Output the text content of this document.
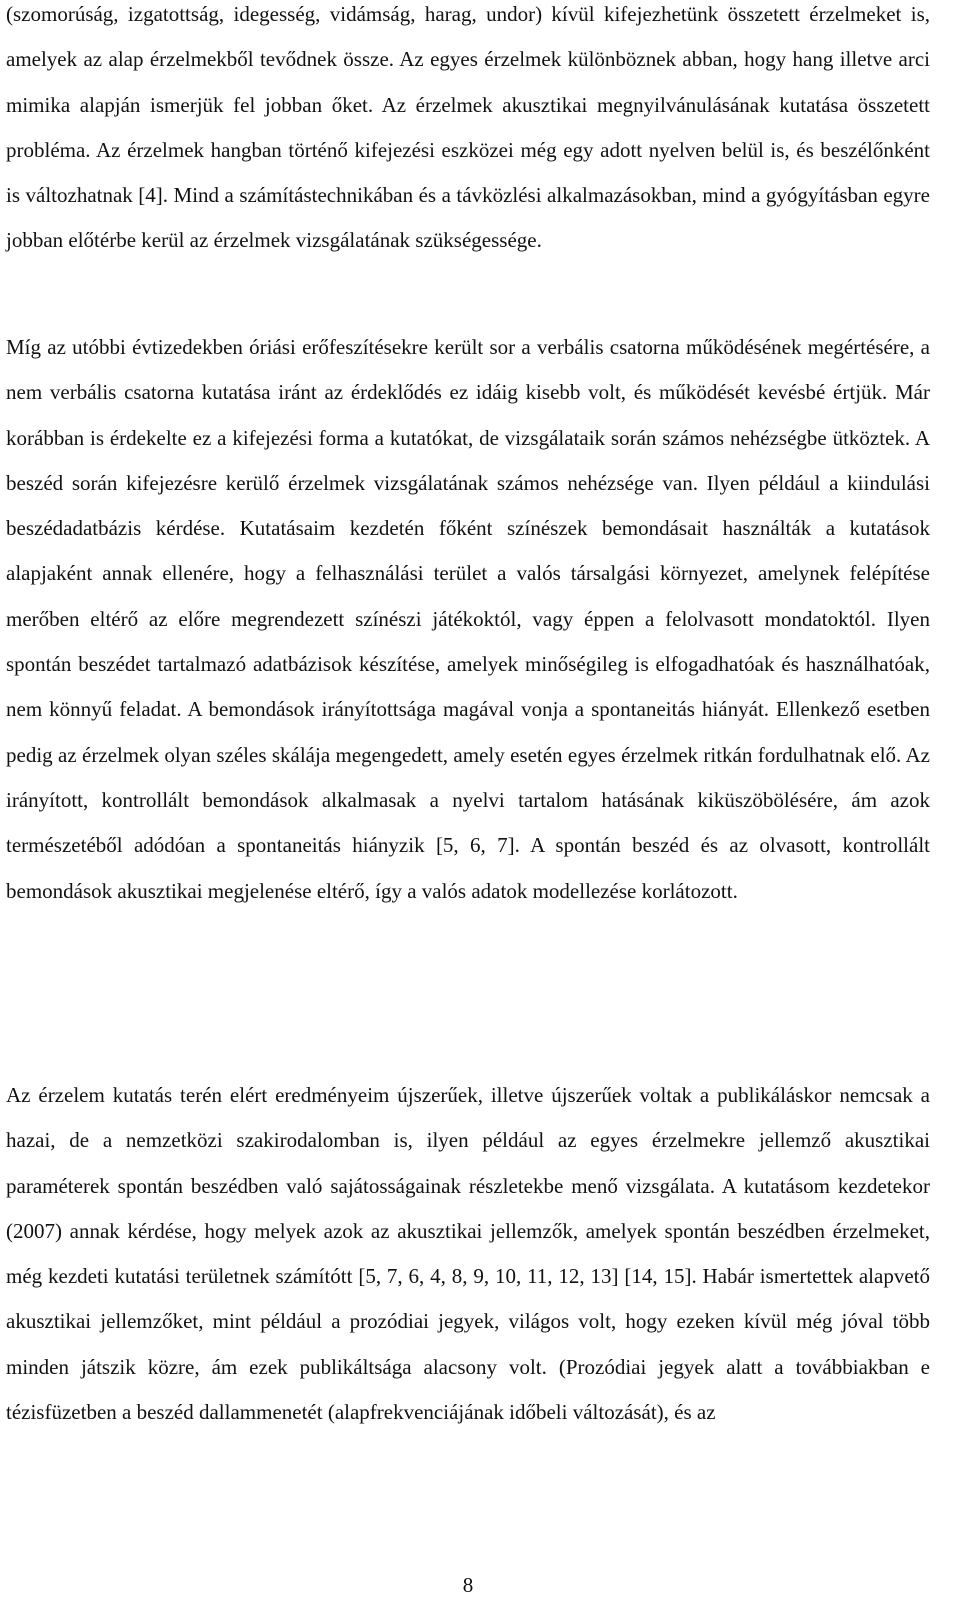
(szomorúság, izgatottság, idegesség, vidámság, harag, undor) kívül kifejezhetünk összetett érzelmeket is, amelyek az alap érzelmekből tevődnek össze. Az egyes érzelmek különböznek abban, hogy hang illetve arci mimika alapján ismerjük fel jobban őket. Az érzelmek akusztikai megnyilvánulásának kutatása összetett probléma. Az érzelmek hangban történő kifejezési eszközei még egy adott nyelven belül is, és beszélőnként is változhatnak [4]. Mind a számítástechnikában és a távközlési alkalmazásokban, mind a gyógyításban egyre jobban előtérbe kerül az érzelmek vizsgálatának szükségessége.

Míg az utóbbi évtizedekben óriási erőfeszítésekre került sor a verbális csatorna működésének megértésére, a nem verbális csatorna kutatása iránt az érdeklődés ez idáig kisebb volt, és működését kevésbé értjük. Már korábban is érdekelte ez a kifejezési forma a kutatókat, de vizsgálataik során számos nehézségbe ütköztek. A beszéd során kifejezésre kerülő érzelmek vizsgálatának számos nehézsége van. Ilyen például a kiindulási beszédadatbázis kérdése. Kutatásaim kezdetén főként színészek bemondásait használták a kutatások alapjaként annak ellenére, hogy a felhasználási terület a valós társalgási környezet, amelynek felépítése merőben eltérő az előre megrendezett színészi játékoktól, vagy éppen a felolvasott mondatoktól. Ilyen spontán beszédet tartalmazó adatbázisok készítése, amelyek minőségileg is elfogadhatóak és használhatóak, nem könnyű feladat. A bemondások irányítottsága magával vonja a spontaneitás hiányát. Ellenkező esetben pedig az érzelmek olyan széles skálája megengedett, amely esetén egyes érzelmek ritkán fordulhatnak elő. Az irányított, kontrollált bemondások alkalmasak a nyelvi tartalom hatásának kiküszöbölésére, ám azok természetéből adódóan a spontaneitás hiányzik [5, 6, 7]. A spontán beszéd és az olvasott, kontrollált bemondások akusztikai megjelenése eltérő, így a valós adatok modellezése korlátozott.

Az érzelem kutatás terén elért eredményeim újszerűek, illetve újszerűek voltak a publikáláskor nemcsak a hazai, de a nemzetközi szakirodalomban is, ilyen például az egyes érzelmekre jellemző akusztikai paraméterek spontán beszédben való sajátosságainak részletekbe menő vizsgálata. A kutatásom kezdetekor (2007) annak kérdése, hogy melyek azok az akusztikai jellemzők, amelyek spontán beszédben érzelmeket, még kezdeti kutatási területnek számítótt [5, 7, 6, 4, 8, 9, 10, 11, 12, 13] [14, 15]. Habár ismertettek alapvető akusztikai jellemzőket, mint például a prozódiai jegyek, világos volt, hogy ezeken kívül még jóval több minden játszik közre, ám ezek publikáltsága alacsony volt. (Prozódiai jegyek alatt a továbbiakban e tézisfüzetben a beszéd dallammenetét (alapfrekvenciájának időbeli változását), és az

8
